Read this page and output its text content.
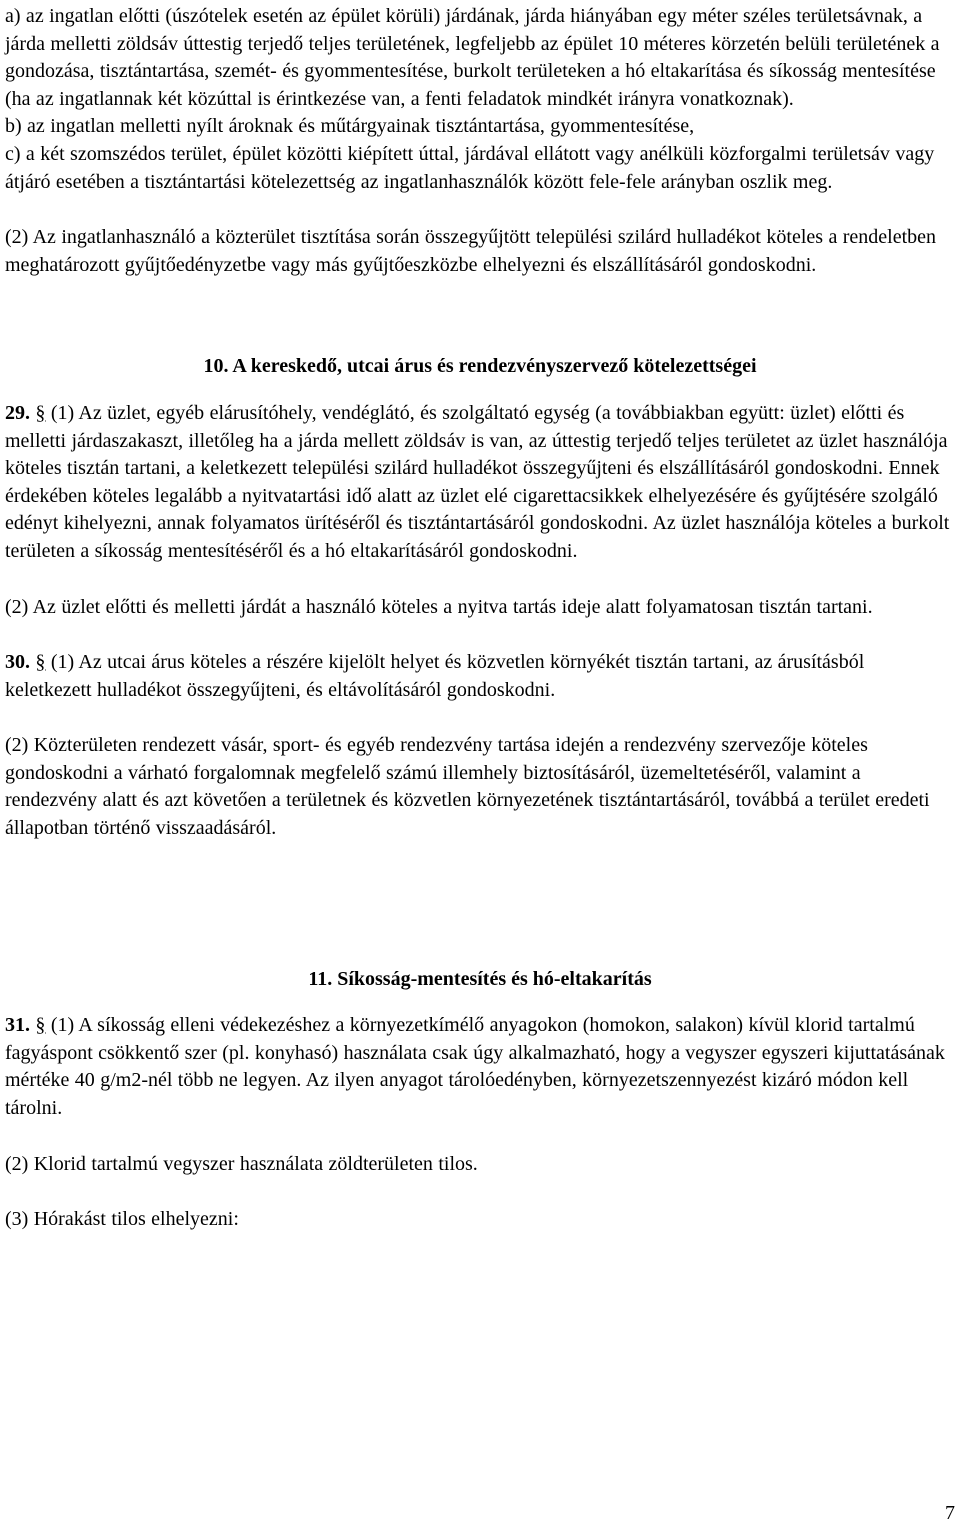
a) az ingatlan előtti (úszótelek esetén az épület körüli) járdának, járda hiányában egy méter széles területsávnak, a járda melletti zöldsáv úttestig terjedő teljes területének, legfeljebb az épület 10 méteres körzetén belüli területének a gondozása, tisztántartása, szemét- és gyommentesítése, burkolt területeken a hó eltakarítása és síkosság mentesítése (ha az ingatlannak két közúttal is érintkezése van, a fenti feladatok mindkét irányra vonatkoznak).

b) az ingatlan melletti nyílt ároknak és műtárgyainak tisztántartása, gyommentesítése,

c) a két szomszédos terület, épület közötti kiépített úttal, járdával ellátott vagy anélküli közforgalmi területsáv vagy átjáró esetében a tisztántartási kötelezettség az ingatlanhasználók között fele-fele arányban oszlik meg.

(2) Az ingatlanhasználó a közterület tisztítása során összegyűjtött települési szilárd hulladékot köteles a rendeletben meghatározott gyűjtőedényzetbe vagy más gyűjtőeszközbe elhelyezni és elszállításáról gondoskodni.

10. A kereskedő, utcai árus és rendezvényszervező kötelezettségei

29. § (1) Az üzlet, egyéb elárusítóhely, vendéglátó, és szolgáltató egység (a továbbiakban együtt: üzlet) előtti és melletti járdaszakaszt, illetőleg ha a járda mellett zöldsáv is van, az úttestig terjedő teljes területet az üzlet használója köteles tisztán tartani, a keletkezett települési szilárd hulladékot összegyűjteni és elszállításáról gondoskodni. Ennek érdekében köteles legalább a nyitvatartási idő alatt az üzlet elé cigarettacsikkek elhelyezésére és gyűjtésére szolgáló edényt kihelyezni, annak folyamatos ürítéséről és tisztántartásáról gondoskodni. Az üzlet használója köteles a burkolt területen a síkosság mentesítéséről és a hó eltakarításáról gondoskodni.

(2) Az üzlet előtti és melletti járdát a használó köteles a nyitva tartás ideje alatt folyamatosan tisztán tartani.

30. § (1) Az utcai árus köteles a részére kijelölt helyet és közvetlen környékét tisztán tartani, az árusításból keletkezett hulladékot összegyűjteni, és eltávolításáról gondoskodni.

(2) Közterületen rendezett vásár, sport- és egyéb rendezvény tartása idején a rendezvény szervezője köteles gondoskodni a várható forgalomnak megfelelő számú illemhely biztosításáról, üzemeltetéséről, valamint a rendezvény alatt és azt követően a területnek és közvetlen környezetének tisztántartásáról, továbbá a terület eredeti állapotban történő visszaadásáról.

11. Síkosság-mentesítés és hó-eltakarítás

31. § (1) A síkosság elleni védekezéshez a környezetkímélő anyagokon (homokon, salakon) kívül klorid tartalmú fagyáspont csökkentő szer (pl. konyhasó) használata csak úgy alkalmazható, hogy a vegyszer egyszeri kijuttatásának mértéke 40 g/m2-nél több ne legyen. Az ilyen anyagot tárolóedényben, környezetszennyezést kizáró módon kell tárolni.

(2) Klorid tartalmú vegyszer használata zöldterületen tilos.

(3) Hórakást tilos elhelyezni:

7
